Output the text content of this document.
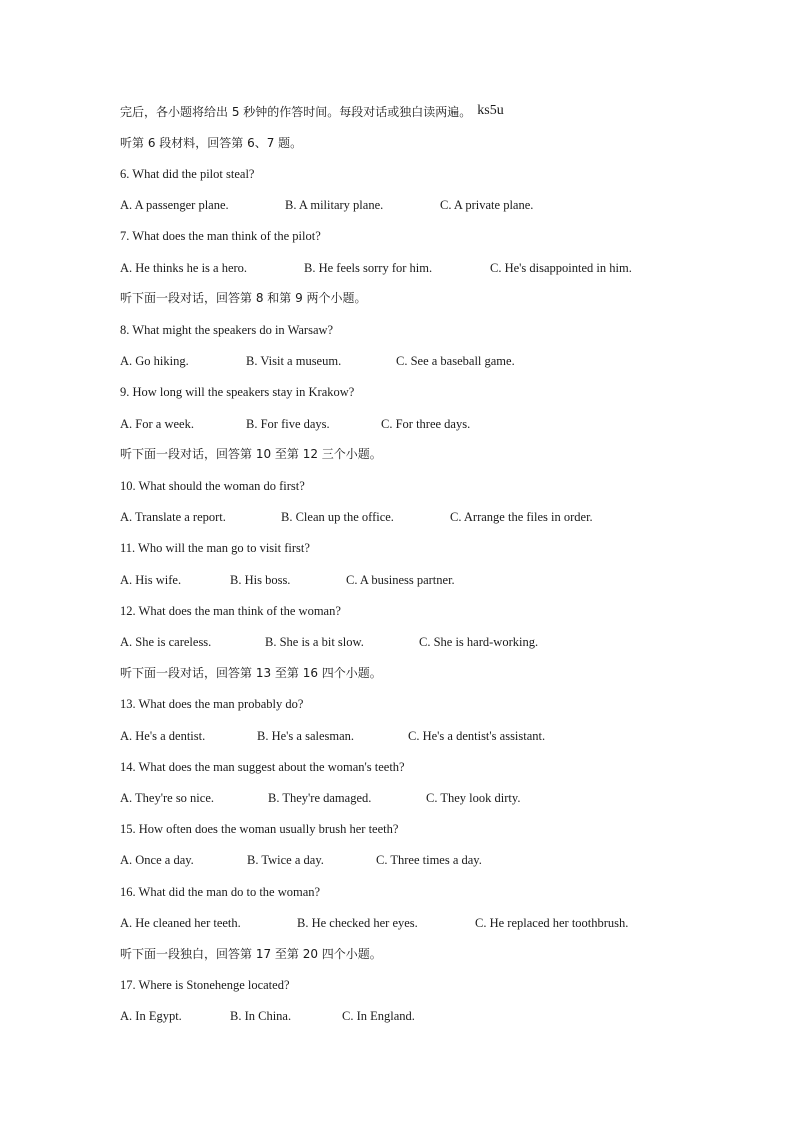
完后，各小题将给出 5 秒钟的作答时间。每段对话或独白读两遍。 ks5u
听第 6 段材料，回答第 6、7 题。
6. What did the pilot steal?
A. A passenger plane.	B. A military plane.	C. A private plane.
7. What does the man think of the pilot?
A. He thinks he is a hero.	B. He feels sorry for him.	C. He's disappointed in him.
听下面一段对话，回答第 8 和第 9 两个小题。
8. What might the speakers do in Warsaw?
A. Go hiking.	B. Visit a museum.	C. See a baseball game.
9. How long will the speakers stay in Krakow?
A. For a week.	B. For five days.	C. For three days.
听下面一段对话，回答第 10 至第 12 三个小题。
10. What should the woman do first?
A. Translate a report.	B. Clean up the office.	C. Arrange the files in order.
11. Who will the man go to visit first?
A. His wife.	B. His boss.	C. A business partner.
12. What does the man think of the woman?
A. She is careless.	B. She is a bit slow.	C. She is hard-working.
听下面一段对话，回答第 13 至第 16 四个小题。
13. What does the man probably do?
A. He's a dentist.	B. He's a salesman.	C. He's a dentist's assistant.
14. What does the man suggest about the woman's teeth?
A. They're so nice.	B. They're damaged.	C. They look dirty.
15. How often does the woman usually brush her teeth?
A. Once a day.	B. Twice a day.	C. Three times a day.
16. What did the man do to the woman?
A. He cleaned her teeth.	B. He checked her eyes.	C. He replaced her toothbrush.
听下面一段独白，回答第 17 至第 20 四个小题。
17. Where is Stonehenge located?
A. In Egypt.	B. In China.	C. In England.
